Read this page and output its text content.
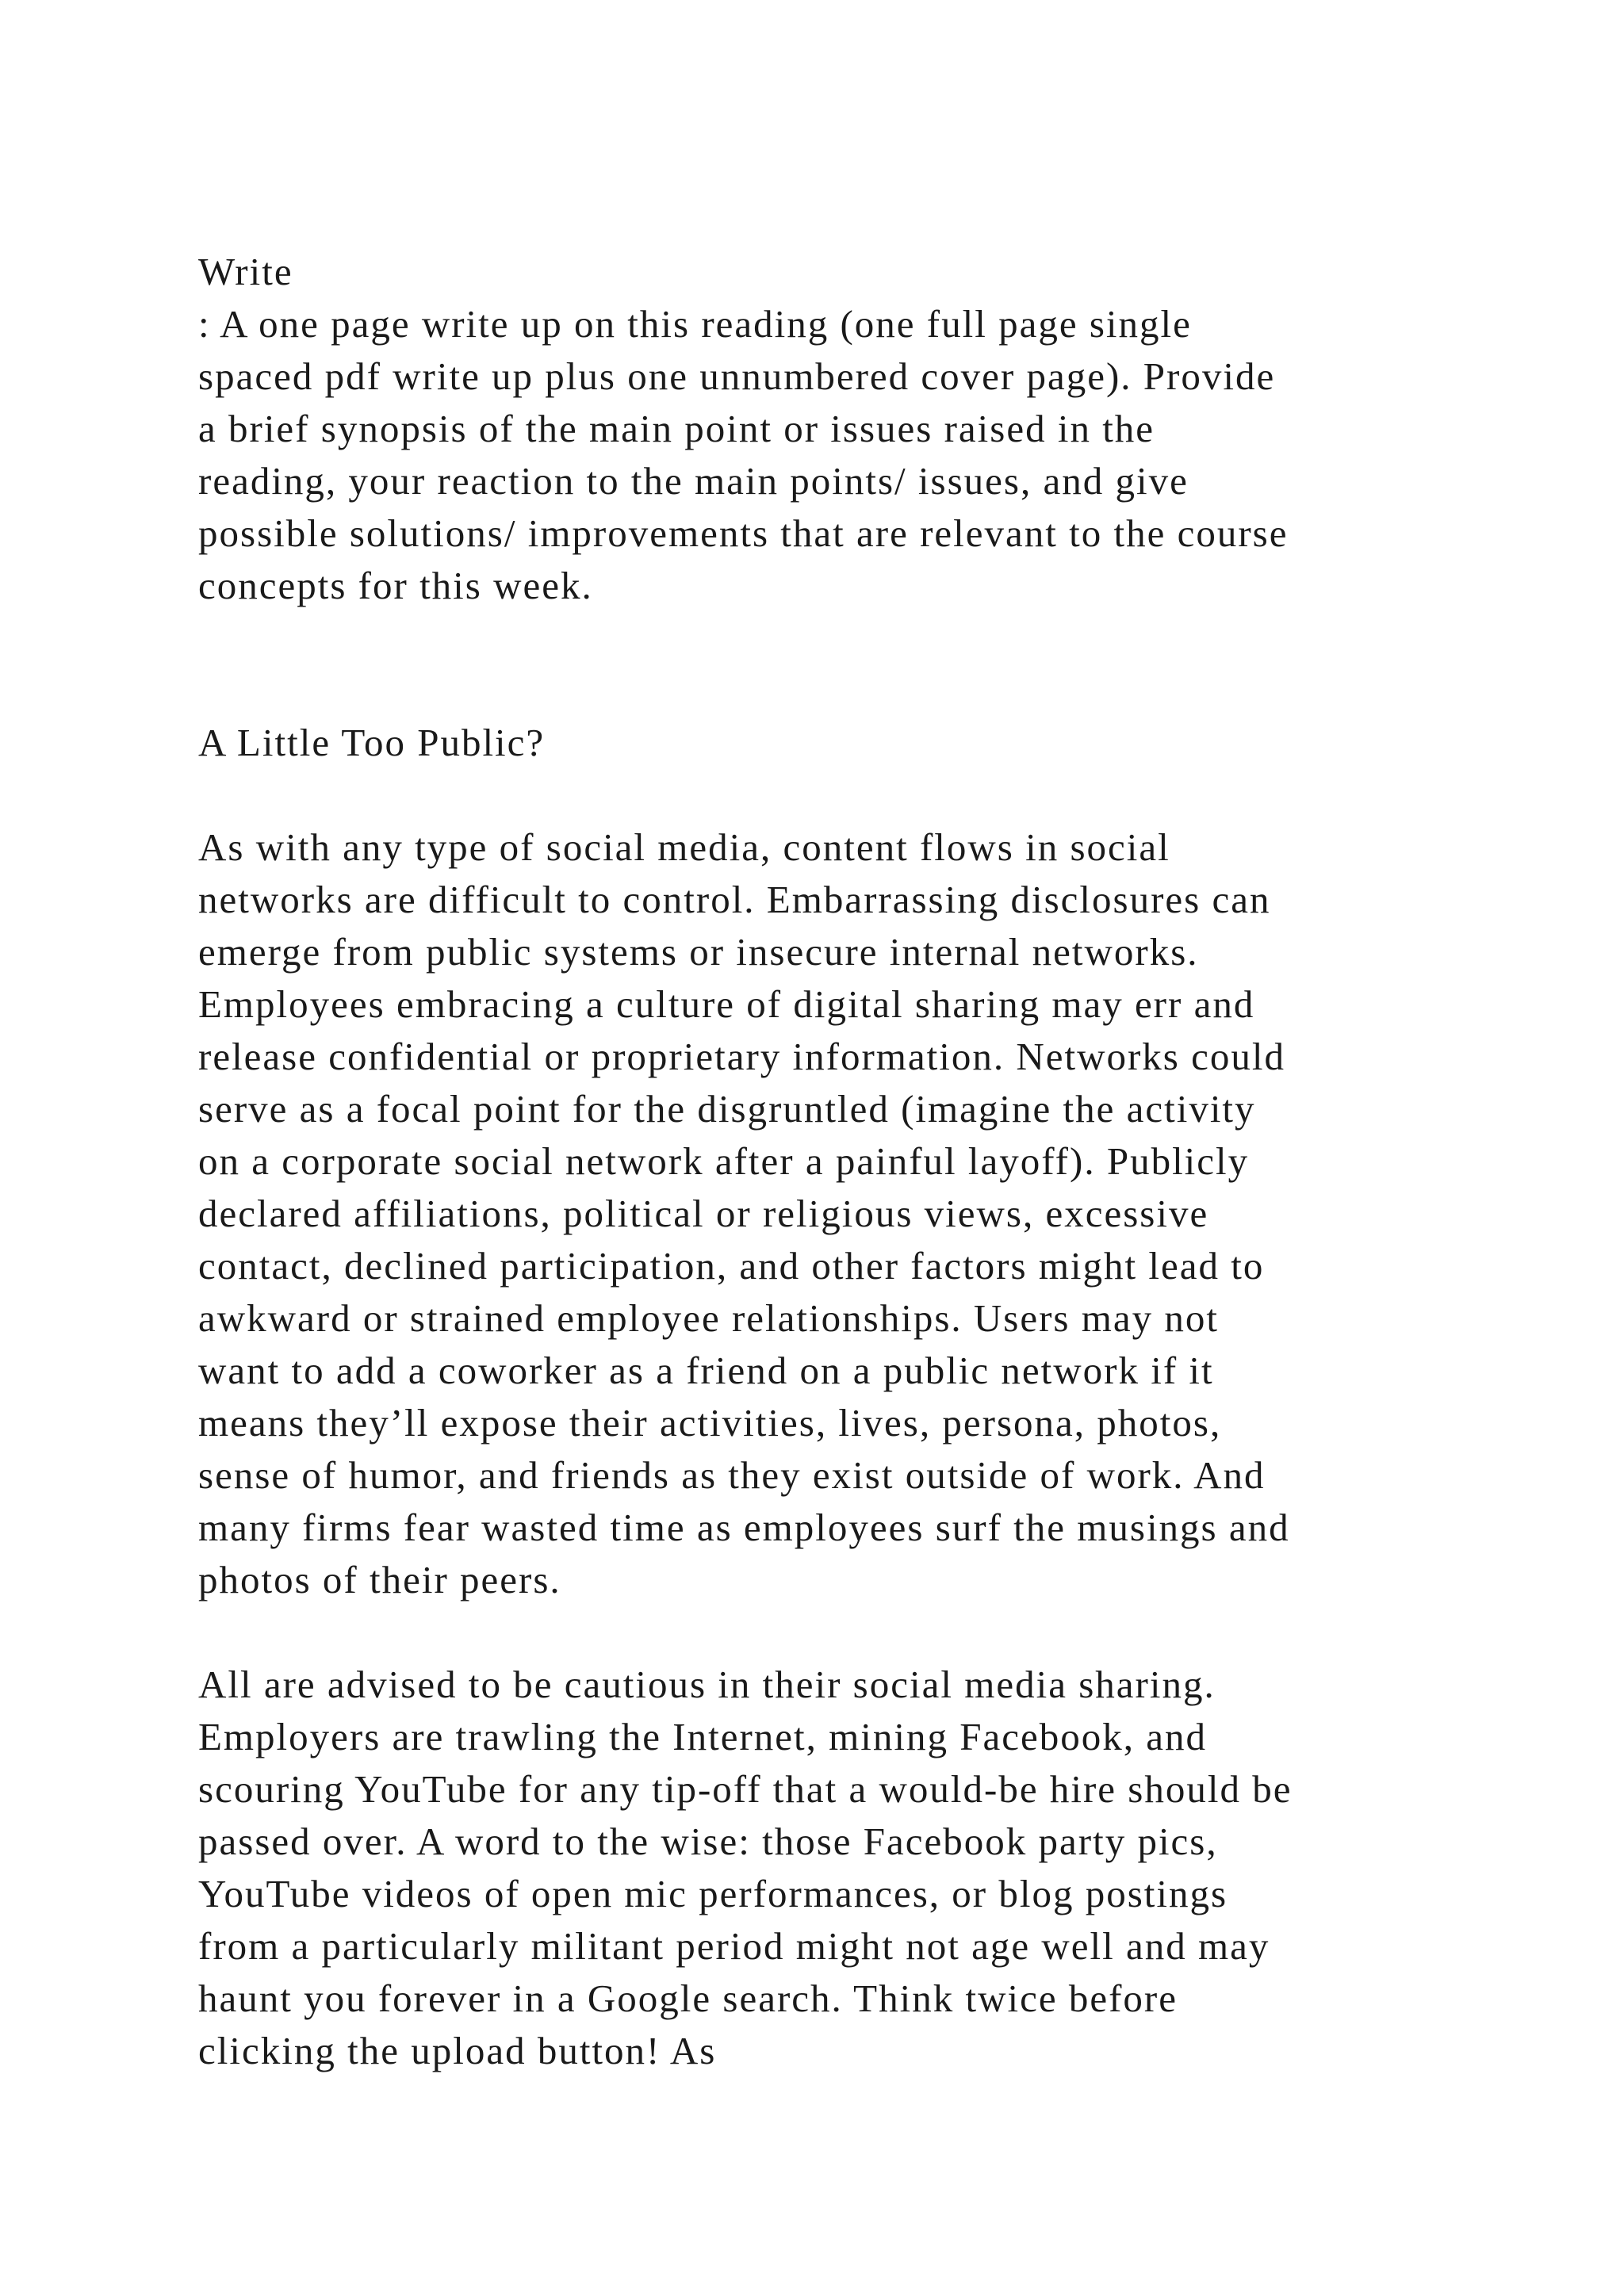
Write
: A one page write up on this reading (one full page single
spaced pdf write up plus one unnumbered cover page). Provide
a brief synopsis of the main point or issues raised in the
reading, your reaction to the main points/ issues, and give
possible solutions/ improvements that are relevant to the course
concepts for this week.
A Little Too Public?
As with any type of social media, content flows in social
networks are difficult to control. Embarrassing disclosures can
emerge from public systems or insecure internal networks.
Employees embracing a culture of digital sharing may err and
release confidential or proprietary information. Networks could
serve as a focal point for the disgruntled (imagine the activity
on a corporate social network after a painful layoff). Publicly
declared affiliations, political or religious views, excessive
contact, declined participation, and other factors might lead to
awkward or strained employee relationships. Users may not
want to add a coworker as a friend on a public network if it
means they’ll expose their activities, lives, persona, photos,
sense of humor, and friends as they exist outside of work. And
many firms fear wasted time as employees surf the musings and
photos of their peers.
All are advised to be cautious in their social media sharing.
Employers are trawling the Internet, mining Facebook, and
scouring YouTube for any tip-off that a would-be hire should be
passed over. A word to the wise: those Facebook party pics,
YouTube videos of open mic performances, or blog postings
from a particularly militant period might not age well and may
haunt you forever in a Google search. Think twice before
clicking the upload button! As
